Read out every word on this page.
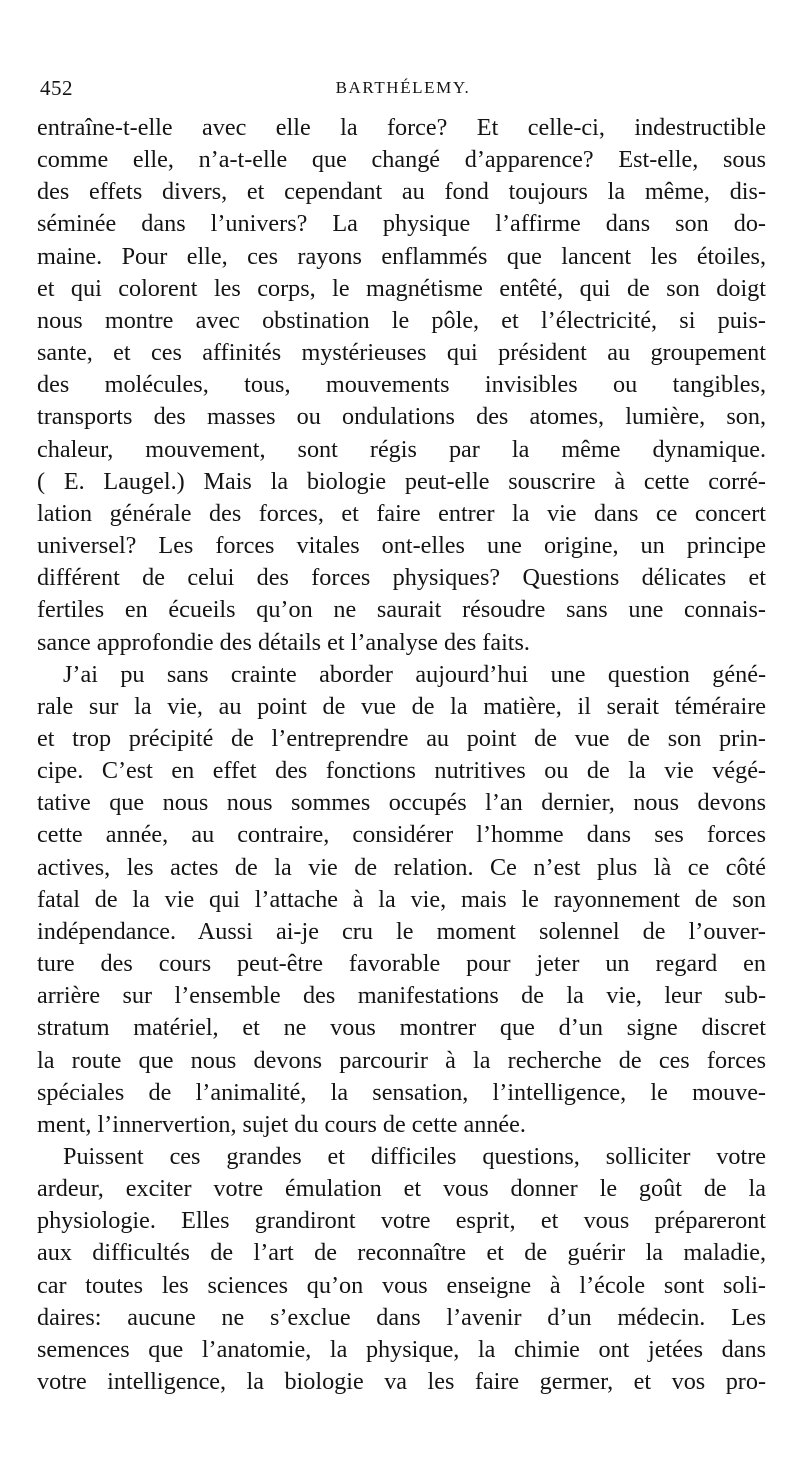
452	BARTHÉLEMY.
entraîne-t-elle avec elle la force? Et celle-ci, indestructible
comme elle, n’a-t-elle que changé d’apparence? Est-elle, sous
des effets divers, et cependant au fond toujours la même, dis-
séminée dans l’univers? La physique l’affirme dans son do-
maine. Pour elle, ces rayons enflammés que lancent les étoiles,
et qui colorent les corps, le magnétisme entêté, qui de son doigt
nous montre avec obstination le pôle, et l’électricité, si puis-
sante, et ces affinités mystérieuses qui président au groupement
des molécules, tous, mouvements invisibles ou tangibles,
transports des masses ou ondulations des atomes, lumière, son,
chaleur, mouvement, sont régis par la même dynamique.
( E. Laugel.) Mais la biologie peut-elle souscrire à cette corré-
lation générale des forces, et faire entrer la vie dans ce concert
universel? Les forces vitales ont-elles une origine, un principe
différent de celui des forces physiques? Questions délicates et
fertiles en écueils qu’on ne saurait résoudre sans une connais-
sance approfondie des détails et l’analyse des faits.
J’ai pu sans crainte aborder aujourd’hui une question géné-
rale sur la vie, au point de vue de la matière, il serait téméraire
et trop précipité de l’entreprendre au point de vue de son prin-
cipe. C’est en effet des fonctions nutritives ou de la vie végé-
tative que nous nous sommes occupés l’an dernier, nous devons
cette année, au contraire, considérer l’homme dans ses forces
actives, les actes de la vie de relation. Ce n’est plus là ce côté
fatal de la vie qui l’attache à la vie, mais le rayonnement de son
indépendance. Aussi ai-je cru le moment solennel de l’ouver-
ture des cours peut-être favorable pour jeter un regard en
arrière sur l’ensemble des manifestations de la vie, leur sub-
stratum matériel, et ne vous montrer que d’un signe discret
la route que nous devons parcourir à la recherche de ces forces
spéciales de l’animalité, la sensation, l’intelligence, le mouve-
ment, l’innervertion, sujet du cours de cette année.
Puissent ces grandes et difficiles questions, solliciter votre
ardeur, exciter votre émulation et vous donner le goût de la
physiologie. Elles grandiront votre esprit, et vous prépareront
aux difficultés de l’art de reconnaître et de guérir la maladie,
car toutes les sciences qu’on vous enseigne à l’école sont soli-
daires: aucune ne s’exclue dans l’avenir d’un médecin. Les
semences que l’anatomie, la physique, la chimie ont jetées dans
votre intelligence, la biologie va les faire germer, et vos pro-
